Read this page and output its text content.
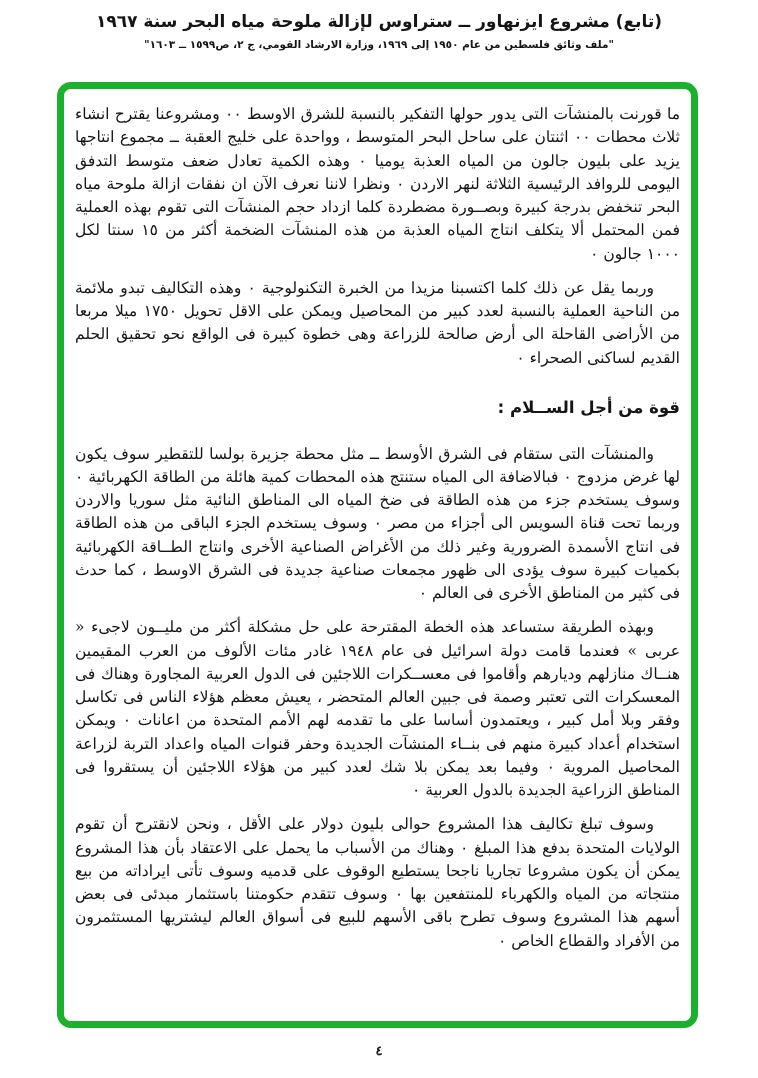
(تابع) مشروع ايزنهاور ــ ستراوس لإزالة ملوحة مياه البحر سنة ١٩٦٧
"ملف وثائق فلسطين من عام ١٩٥٠ إلى ١٩٦٩، وزارة الارشاد القومي، ج ٢، ص١٥٩٩ ــ ١٦٠٣"

ما قورنت بالمنشآت التى يدور حولها التفكير بالنسبة للشرق الاوسط ٠٠ ومشروعنا يقترح انشاء ثلاث محطات ٠٠ اثنتان على ساحل البحر المتوسط ، وواحدة على خليج العقبة ــ مجموع انتاجها يزيد على بليون جالون من المياه العذبة يوميا ٠ وهذه الكمية تعادل ضعف متوسط التدفق اليومى للروافد الرئيسية الثلاثة لنهر الاردن ٠ ونظرا لاننا نعرف الآن ان نفقات ازالة ملوحة مياه البحر تنخفض بدرجة كبيرة وبصــورة مضطردة كلما ازداد حجم المنشآت التى تقوم بهذه العملية فمن المحتمل ألا يتكلف انتاج المياه العذبة من هذه المنشآت الضخمة أكثر من ١٥ سنتا لكل ١٠٠٠ جالون ٠

وربما يقل عن ذلك كلما اكتسبنا مزيدا من الخبرة التكنولوجية ٠ وهذه التكاليف تبدو ملائمة من الناحية العملية بالنسبة لعدد كبير من المحاصيل ويمكن على الاقل تحويل ١٧٥٠ ميلا مربعا من الأراضى القاحلة الى أرض صالحة للزراعة وهى خطوة كبيرة فى الواقع نحو تحقيق الحلم القديم لساكنى الصحراء ٠

قوة من أجل الســلام :

والمنشآت التى ستقام فى الشرق الأوسط ــ مثل محطة جزيرة بولسا للتقطير سوف يكون لها غرض مزدوج ٠ فبالاضافة الى المياه ستنتج هذه المحطات كمية هائلة من الطاقة الكهربائية ٠ وسوف يستخدم جزء من هذه الطاقة فى ضخ المياه الى المناطق النائية مثل سوريا والاردن وربما تحت قناة السويس الى أجزاء من مصر ٠ وسوف يستخدم الجزء الباقى من هذه الطاقة فى انتاج الأسمدة الضرورية وغير ذلك من الأغراض الصناعية الأخرى وانتاج الطــاقة الكهربائية بكميات كبيرة سوف يؤدى الى ظهور مجمعات صناعية جديدة فى الشرق الاوسط ، كما حدث فى كثير من المناطق الأخرى فى العالم ٠

وبهذه الطريقة ستساعد هذه الخطة المقترحة على حل مشكلة أكثر من مليــون لاجىء « عربى » فعندما قامت دولة اسرائيل فى عام ١٩٤٨ غادر مئات الألوف من العرب المقيمين هنــاك منازلهم وديارهم وأقاموا فى معســكرات اللاجئين فى الدول العربية المجاورة وهناك فى المعسكرات التى تعتبر وصمة فى جبين العالم المتحضر ، يعيش معظم هؤلاء الناس فى تكاسل وفقر وبلا أمل كبير ، ويعتمدون أساسا على ما تقدمه لهم الأمم المتحدة من اعانات ٠ ويمكن استخدام أعداد كبيرة منهم فى بنــاء المنشآت الجديدة وحفر قنوات المياه واعداد التربة لزراعة المحاصيل المروية ٠ وفيما بعد يمكن بلا شك لعدد كبير من هؤلاء اللاجئين أن يستقروا فى المناطق الزراعية الجديدة بالدول العربية ٠

وسوف تبلغ تكاليف هذا المشروع حوالى بليون دولار على الأقل ، ونحن لانقترح أن تقوم الولايات المتحدة بدفع هذا المبلغ ٠ وهناك من الأسباب ما يحمل على الاعتقاد بأن هذا المشروع يمكن أن يكون مشروعا تجاريا ناجحا يستطيع الوقوف على قدميه وسوف تأتى ايراداته من بيع منتجاته من المياه والكهرباء للمنتفعين بها ٠ وسوف تتقدم حكومتنا باستثمار مبدئى فى بعض أسهم هذا المشروع وسوف تطرح باقى الأسهم للبيع فى أسواق العالم ليشتريها المستثمرون من الأفراد والقطاع الخاص ٠

٤
